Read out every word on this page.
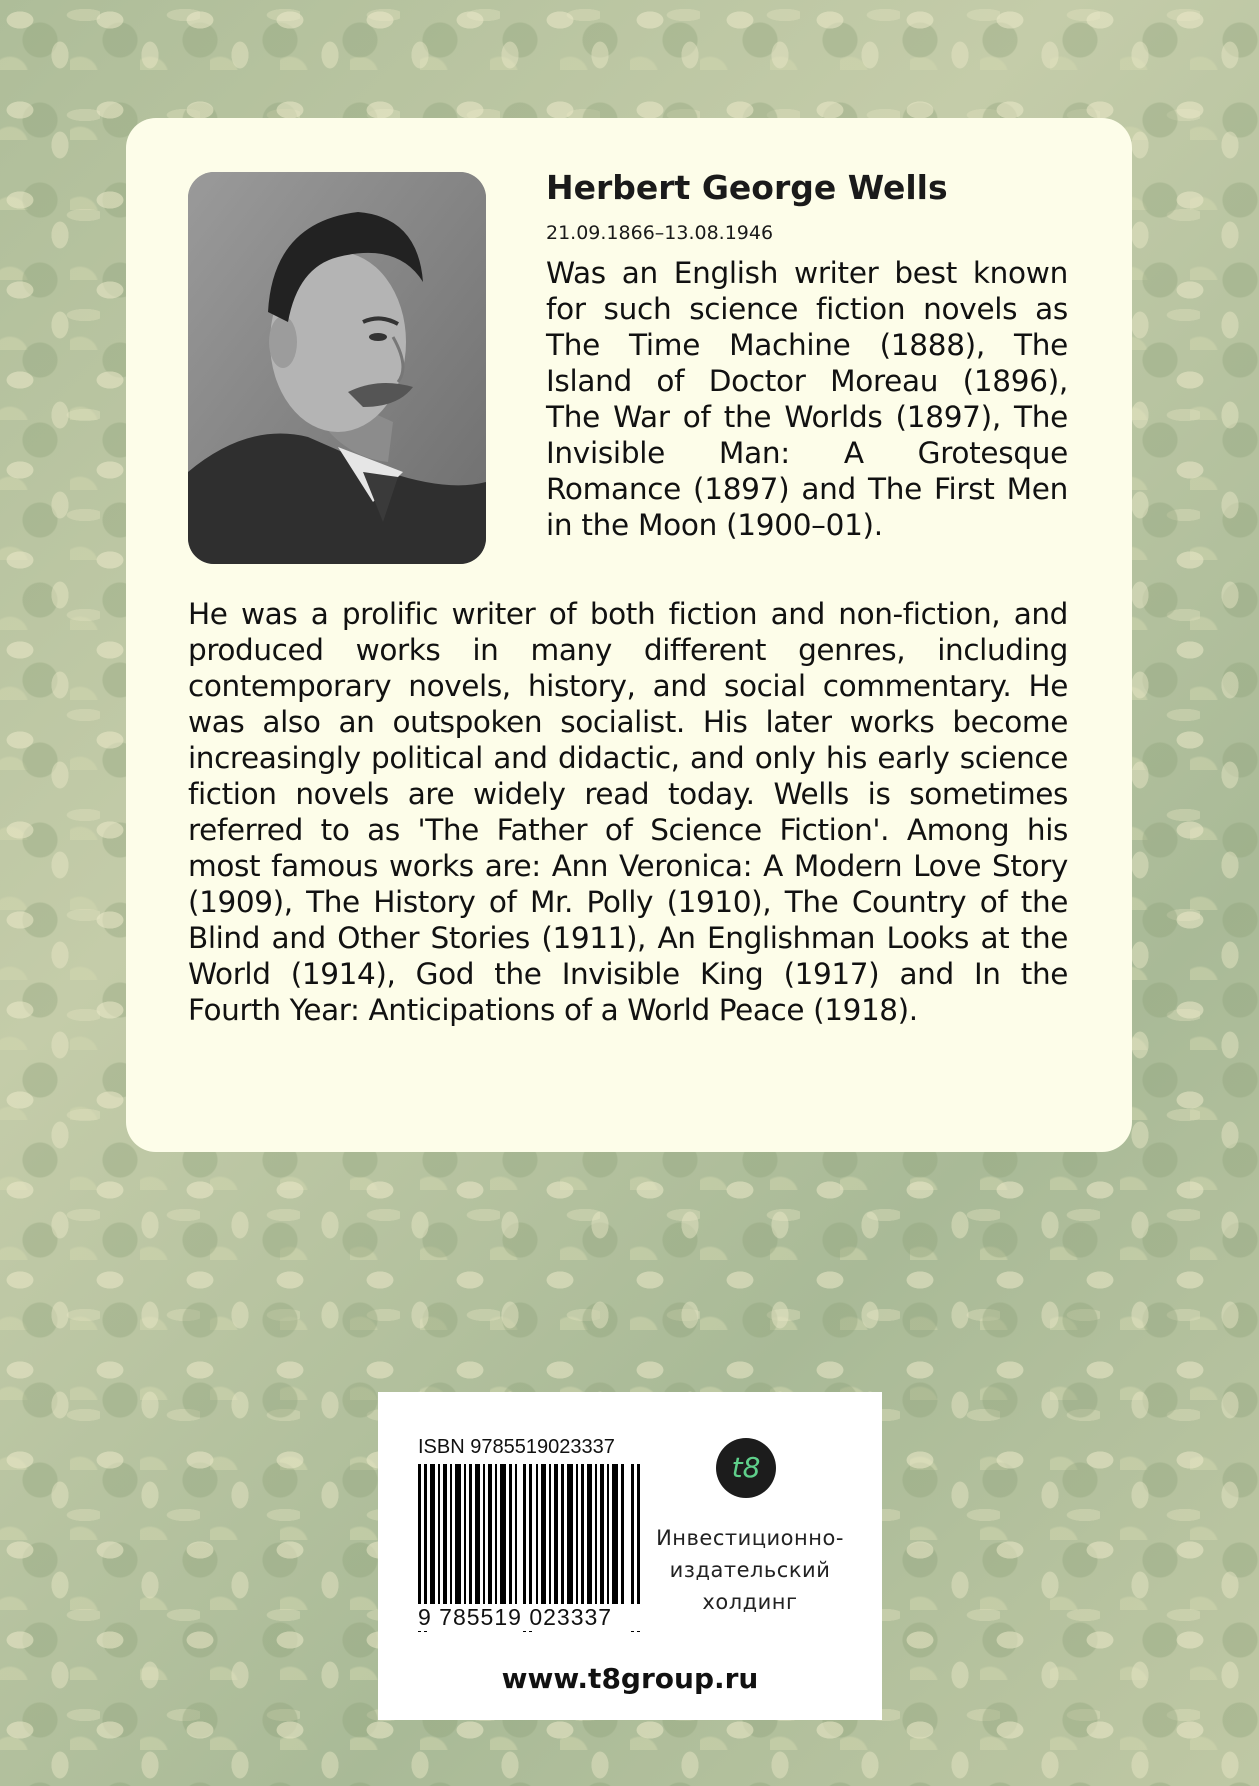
Herbert George Wells

21.09.1866–13.08.1946

Was an English writer best known for such science fiction novels as The Time Machine (1888), The Island of Doctor Moreau (1896), The War of the Worlds (1897), The Invisible Man: A Grotesque Romance (1897) and The First Men in the Moon (1900–01).

He was a prolific writer of both fiction and non-fiction, and produced works in many different genres, including contemporary novels, history, and social commentary. He was also an outspoken socialist. His later works become increasingly political and didactic, and only his early science fiction novels are widely read today. Wells is sometimes referred to as 'The Father of Science Fiction'. Among his most famous works are: Ann Veronica: A Modern Love Story (1909), The History of Mr. Polly (1910), The Country of the Blind and Other Stories (1911), An Englishman Looks at the World (1914), God the Invisible King (1917) and In the Fourth Year: Anticipations of a World Peace (1918).

ISBN 9785519023337

9 785519 023337

t8

Инвестиционно-издательский холдинг

www.t8group.ru
